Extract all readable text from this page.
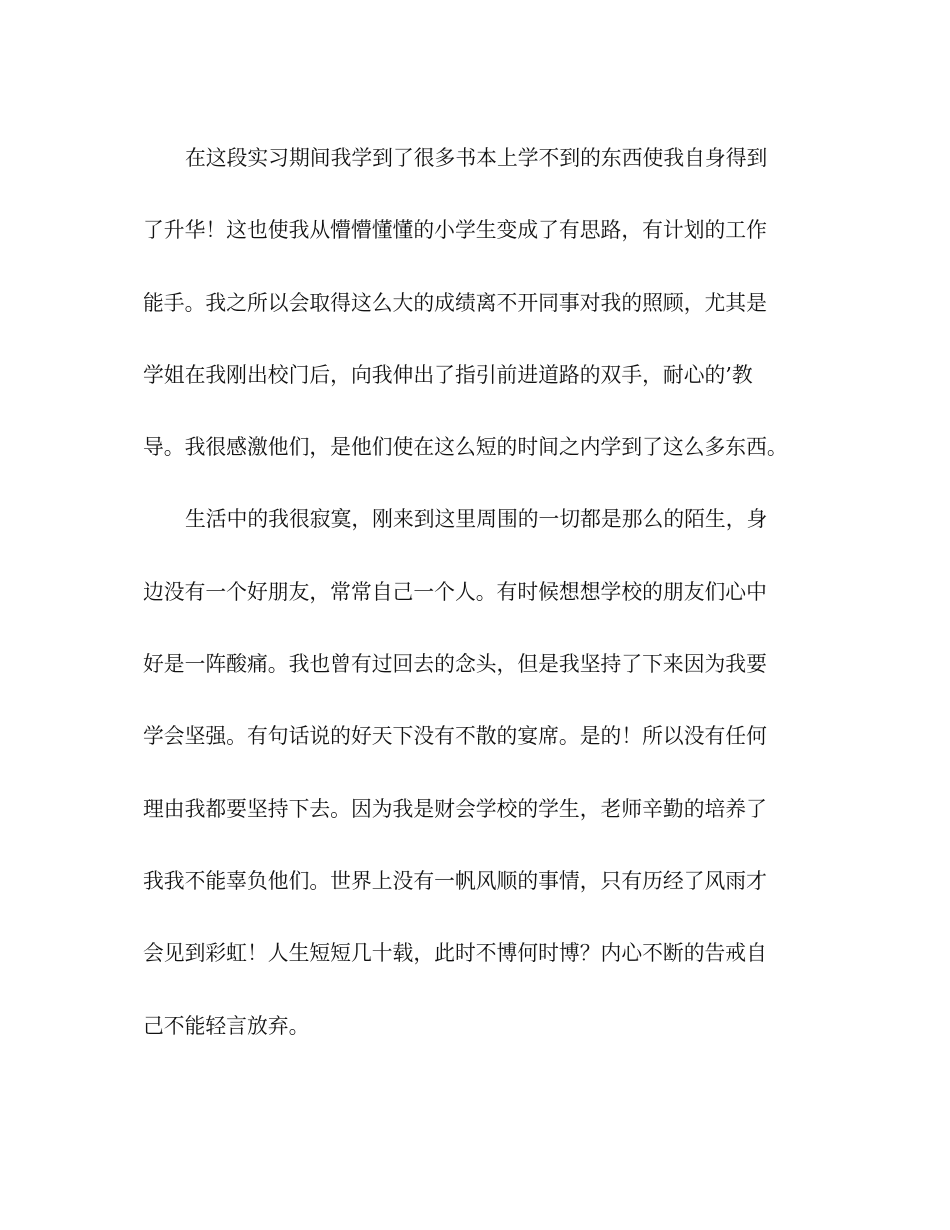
在这段实习期间我学到了很多书本上学不到的东西使我自身得到
了升华！这也使我从懵懵懂懂的小学生变成了有思路，有计划的工作
能手。我之所以会取得这么大的成绩离不开同事对我的照顾，尤其是
学姐在我刚出校门后，向我伸出了指引前进道路的双手，耐心的’教
导。我很感激他们，是他们使在这么短的时间之内学到了这么多东西。
生活中的我很寂寞，刚来到这里周围的一切都是那么的陌生，身
边没有一个好朋友，常常自己一个人。有时候想想学校的朋友们心中
好是一阵酸痛。我也曾有过回去的念头，但是我坚持了下来因为我要
学会坚强。有句话说的好天下没有不散的宴席。是的！所以没有任何
理由我都要坚持下去。因为我是财会学校的学生，老师辛勤的培养了
我我不能辜负他们。世界上没有一帆风顺的事情，只有历经了风雨才
会见到彩虹！人生短短几十载，此时不博何时博？内心不断的告戒自
己不能轻言放弃。
